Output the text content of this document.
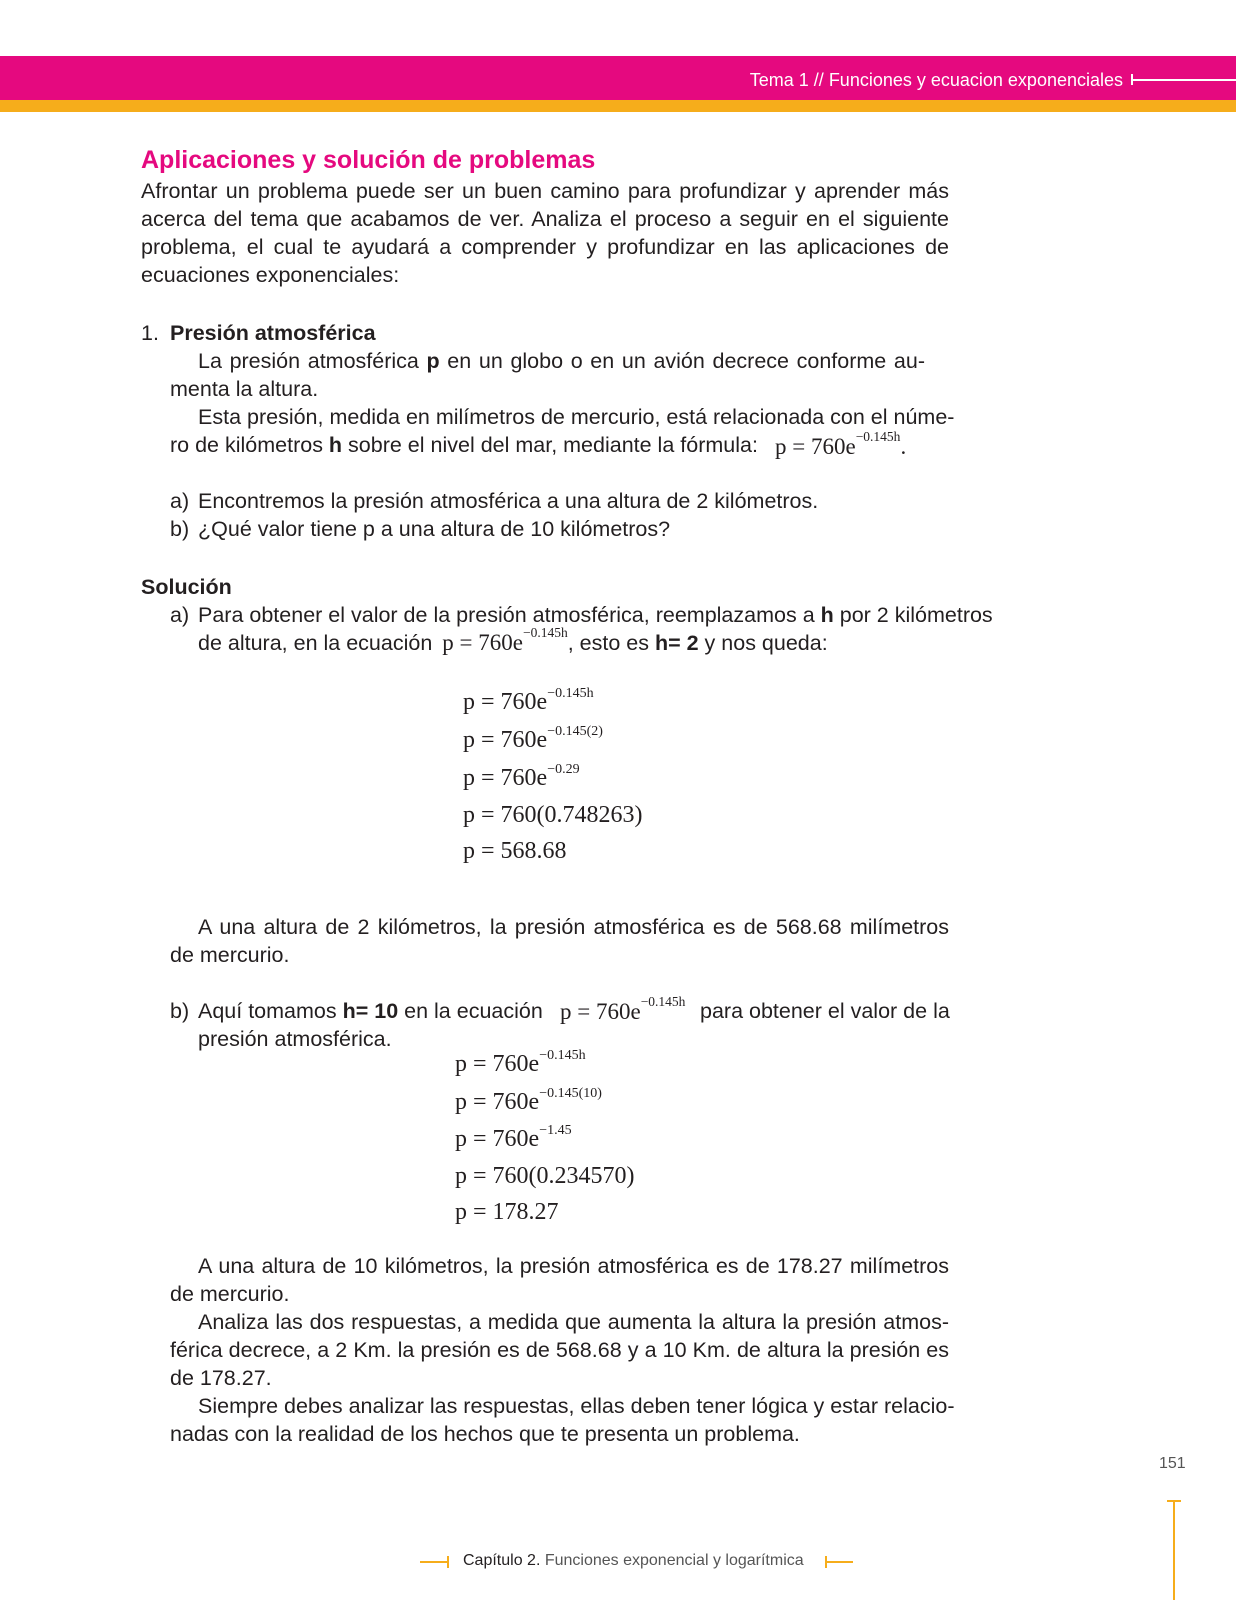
Tema 1 // Funciones y ecuacion exponenciales
Aplicaciones y solución de problemas
Afrontar un problema puede ser un buen camino para profundizar y aprender más
acerca del tema que acabamos de ver. Analiza el proceso a seguir en el siguiente
problema, el cual te ayudará a comprender y profundizar en las aplicaciones de
ecuaciones exponenciales:
1. Presión atmosférica
La presión atmosférica p en un globo o en un avión decrece conforme au-
menta la altura.
Esta presión, medida en milímetros de mercurio, está relacionada con el núme-
ro de kilómetros h sobre el nivel del mar, mediante la fórmula: $p = 760e^{-0.145h}$.
a) Encontremos la presión atmosférica a una altura de 2 kilómetros.
b) ¿Qué valor tiene p a una altura de 10 kilómetros?
Solución
a) Para obtener el valor de la presión atmosférica, reemplazamos a h por 2 kilómetros
de altura, en la ecuación $p = 760e^{-0.145h}$, esto es h= 2 y nos queda:
$p = 760e^{-0.145h}$
$p = 760e^{-0.145(2)}$
$p = 760e^{-0.29}$
p = 760(0.748263)
p = 568.68
A una altura de 2 kilómetros, la presión atmosférica es de 568.68 milímetros
de mercurio.
b) Aquí tomamos h= 10 en la ecuación $p = 760e^{-0.145h}$ para obtener el valor de la
presión atmosférica.
$p = 760e^{-0.145h}$
$p = 760e^{-0.145(10)}$
$p = 760e^{-1.45}$
p = 760(0.234570)
p = 178.27
A una altura de 10 kilómetros, la presión atmosférica es de 178.27 milímetros
de mercurio.
Analiza las dos respuestas, a medida que aumenta la altura la presión atmos-
férica decrece, a 2 Km. la presión es de 568.68 y a 10 Km. de altura la presión es
de 178.27.
Siempre debes analizar las respuestas, ellas deben tener lógica y estar relacio-
nadas con la realidad de los hechos que te presenta un problema.
151
Capítulo 2. Funciones exponencial y logarítmica
